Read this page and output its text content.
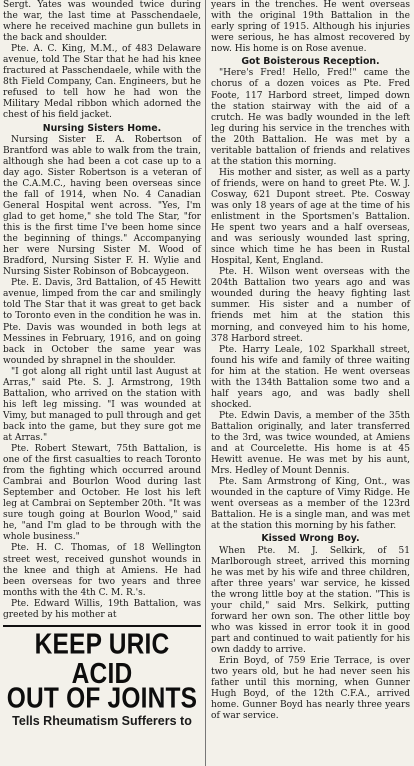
Sergt. Yates was wounded twice during the war, the last time at Passchendaele, where he received machine gun bullets in the back and shoulder.

Pte. A. C. King, M.M., of 483 Delaware avenue, told The Star that he had his knee fractured at Passchendaele, while with the 8th Field Company, Can. Engineers, but he refused to tell how he had won the Military Medal ribbon which adorned the chest of his field jacket.

Nursing Sisters Home.

Nursing Sister E. A. Robertson of Brantford was able to walk from the train, although she had been a cot case up to a day ago. Sister Robertson is a veteran of the C.A.M.C., having been overseas since the fall of 1914, when No. 4 Canadian General Hospital went across. "Yes, I'm glad to get home," she told The Star, "for this is the first time I've been home since the beginning of things." Accompanying her were Nursing Sister M. Wood of Bradford, Nursing Sister F. H. Wylie and Nursing Sister Robinson of Bobcaygeon.

Pte. E. Davis, 3rd Battalion, of 45 Hewitt avenue, limped from the car and smilingly told The Star that it was great to get back to Toronto even in the condition he was in. Pte. Davis was wounded in both legs at Messines in February, 1916, and on going back in October the same year was wounded by shrapnel in the shoulder.

"I got along all right until last August at Arras," said Pte. S. J. Armstrong, 19th Battalion, who arrived on the station with his left leg missing. "I was wounded at Vimy, but managed to pull through and get back into the game, but they sure got me at Arras."

Pte. Robert Stewart, 75th Battalion, is one of the first casualties to reach Toronto from the fighting which occurred around Cambrai and Bourlon Wood during last September and October. He lost his left leg at Cambrai on September 20th. "It was sure tough going at Bourlon Wood," said he, "and I'm glad to be through with the whole business."

Pte. H. C. Thomas, of 18 Wellington street west, received gunshot wounds in the knee and thigh at Amiens. He had been overseas for two years and three months with the 4th C. M. R.'s.

Pte. Edward Willis, 19th Battalion, was greeted by his mother at

KEEP URIC ACID
OUT OF JOINTS
Tells Rheumatism Sufferers to

years in the trenches. He went overseas with the original 19th Battalion in the early spring of 1915. Although his injuries were serious, he has almost recovered by now. His home is on Rose avenue.

Got Boisterous Reception.

"Here's Fred! Hello, Fred!" came the chorus of a dozen voices as Pte. Fred Foote, 117 Harbord street, limped down the station stairway with the aid of a crutch. He was badly wounded in the left leg during his service in the trenches with the 20th Battalion. He was met by a veritable battalion of friends and relatives at the station this morning.

His mother and sister, as well as a party of friends, were on hand to greet Pte. W. J. Cosway, 621 Dupont street. Pte. Cosway was only 18 years of age at the time of his enlistment in the Sportsmen's Battalion. He spent two years and a half overseas, and was seriously wounded last spring, since which time he has been in Rustal Hospital, Kent, England.

Pte. H. Wilson went overseas with the 204th Battalion two years ago and was wounded during the heavy fighting last summer. His sister and a number of friends met him at the station this morning, and conveyed him to his home, 378 Harbord street.

Pte. Harry Leale, 102 Sparkhall street, found his wife and family of three waiting for him at the station. He went overseas with the 134th Battalion some two and a half years ago, and was badly shell shocked.

Pte. Edwin Davis, a member of the 35th Battalion originally, and later transferred to the 3rd, was twice wounded, at Amiens and at Courcelette. His home is at 45 Hewitt avenue. He was met by his aunt, Mrs. Hedley of Mount Dennis.

Pte. Sam Armstrong of King, Ont., was wounded in the capture of Vimy Ridge. He went overseas as a member of the 123rd Battalion. He is a single man, and was met at the station this morning by his father.

Kissed Wrong Boy.

When Pte. M. J. Selkirk, of 51 Marlborough street, arrived this morning he was met by his wife and three children, after three years' war service, he kissed the wrong little boy at the station. "This is your child," said Mrs. Selkirk, putting forward her own son. The other little boy who was kissed in error took it in good part and continued to wait patiently for his own daddy to arrive.

Erin Boyd, of 759 Erie Terrace, is over two years old, but he had never seen his father until this morning, when Gunner Hugh Boyd, of the 12th C.F.A., arrived home. Gunner Boyd has nearly three years of war service.
